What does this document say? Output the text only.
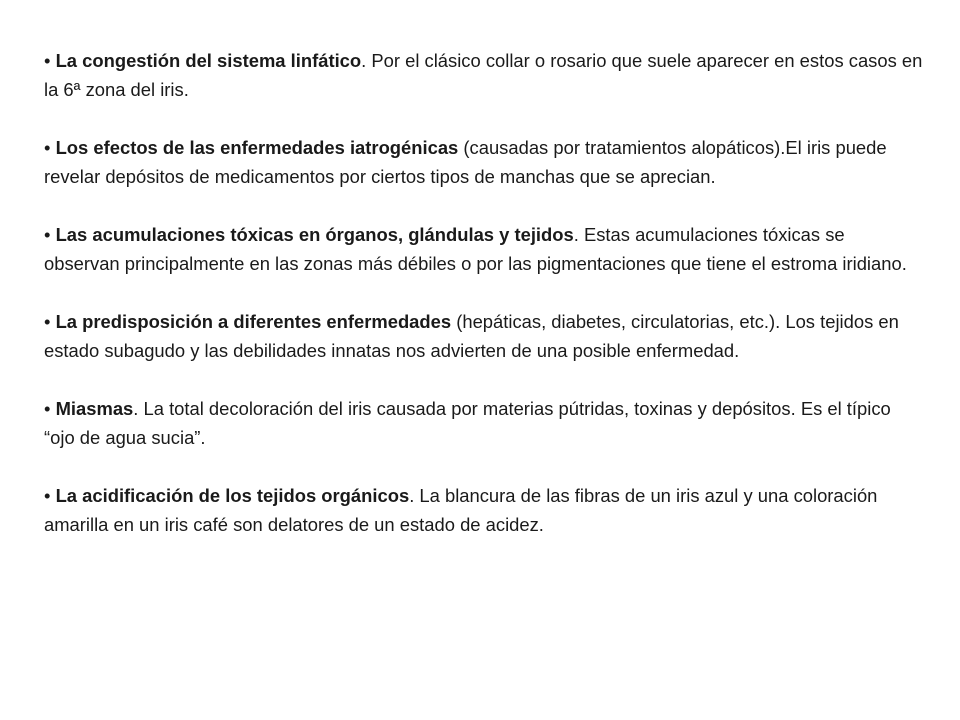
• La congestión del sistema linfático. Por el clásico collar o rosario que suele aparecer en estos casos en la 6ª zona del iris.

• Los efectos de las enfermedades iatrogénicas (causadas por tratamientos alopáticos).El iris puede revelar depósitos de medicamentos por ciertos tipos de manchas que se aprecian.

• Las acumulaciones tóxicas en órganos, glándulas y tejidos. Estas acumulaciones tóxicas se observan principalmente en las zonas más débiles o por las pigmentaciones que tiene el estroma iridiano.

• La predisposición a diferentes enfermedades (hepáticas, diabetes, circulatorias, etc.). Los tejidos en estado subagudo y las debilidades innatas nos advierten de una posible enfermedad.

• Miasmas. La total decoloración del iris causada por materias pútridas, toxinas y depósitos. Es el típico “ojo de agua sucia”.

• La acidificación de los tejidos orgánicos. La blancura de las fibras de un iris azul y una coloración amarilla en un iris café son delatores de un estado de acidez.
